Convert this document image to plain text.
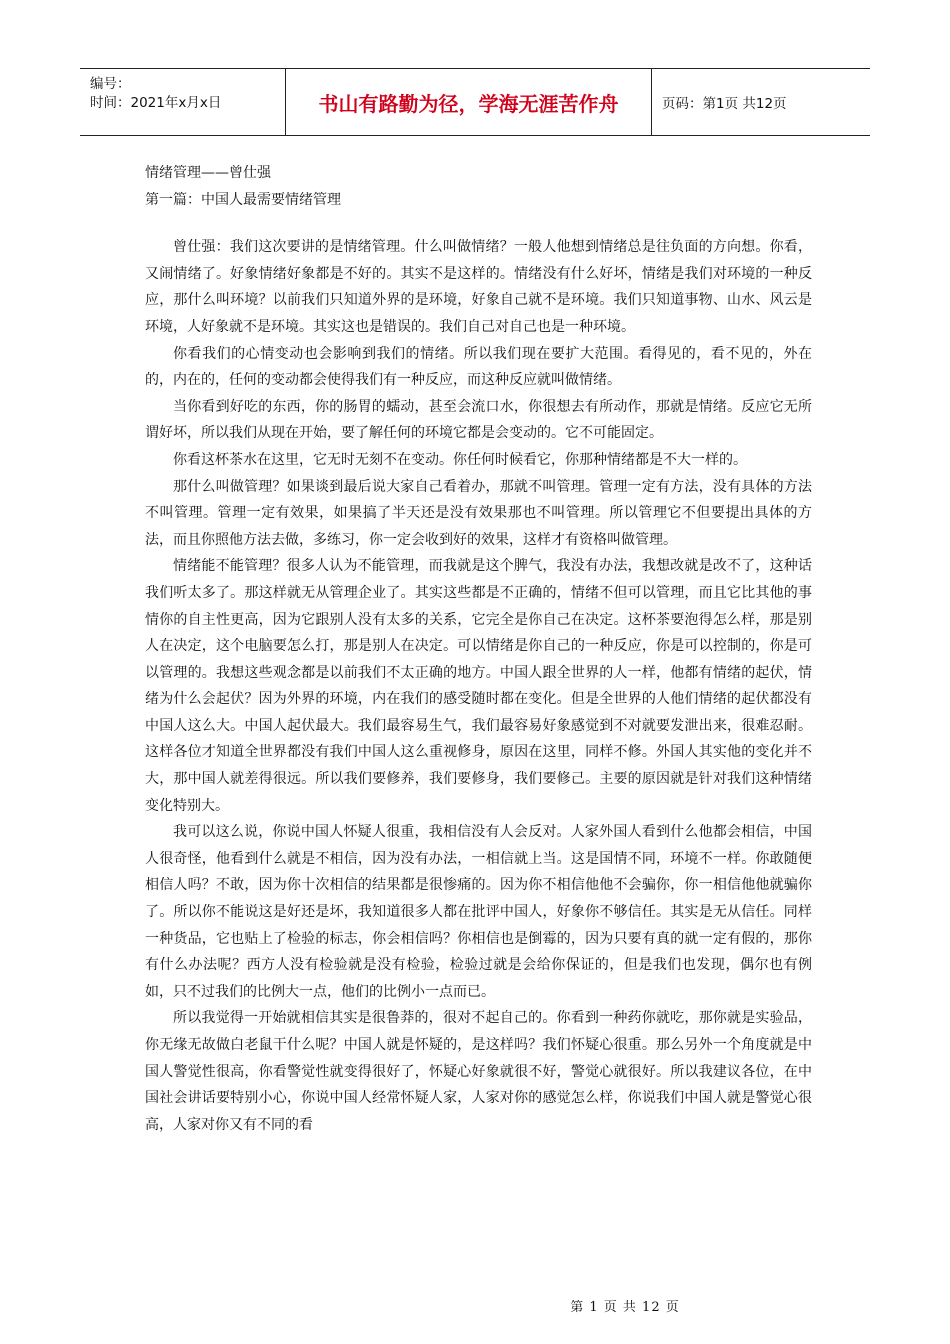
编号：
时间：2021年x月x日	书山有路勤为径，学海无涯苦作舟	页码：第1页 共12页
情绪管理——曾仕强
第一篇：中国人最需要情绪管理

曾仕强：我们这次要讲的是情绪管理。什么叫做情绪？一般人他想到情绪总是往负面的方向想。你看，又闹情绪了。好象情绪好象都是不好的。其实不是这样的。情绪没有什么好坏，情绪是我们对环境的一种反应，那什么叫环境？以前我们只知道外界的是环境，好象自己就不是环境。我们只知道事物、山水、风云是环境，人好象就不是环境。其实这也是错误的。我们自己对自己也是一种环境。

你看我们的心情变动也会影响到我们的情绪。所以我们现在要扩大范围。看得见的，看不见的，外在的，内在的，任何的变动都会使得我们有一种反应，而这种反应就叫做情绪。

当你看到好吃的东西，你的肠胃的蠕动，甚至会流口水，你很想去有所动作，那就是情绪。反应它无所谓好坏，所以我们从现在开始，要了解任何的环境它都是会变动的。它不可能固定。

你看这杯茶水在这里，它无时无刻不在变动。你任何时候看它，你那种情绪都是不大一样的。

那什么叫做管理？如果谈到最后说大家自己看着办，那就不叫管理。管理一定有方法，没有具体的方法不叫管理。管理一定有效果，如果搞了半天还是没有效果那也不叫管理。所以管理它不但要提出具体的方法，而且你照他方法去做，多练习，你一定会收到好的效果，这样才有资格叫做管理。

情绪能不能管理？很多人认为不能管理，而我就是这个脾气，我没有办法，我想改就是改不了，这种话我们听太多了。那这样就无从管理企业了。其实这些都是不正确的，情绪不但可以管理，而且它比其他的事情你的自主性更高，因为它跟别人没有太多的关系，它完全是你自己在决定。这杯茶要泡得怎么样，那是别人在决定，这个电脑要怎么打，那是别人在决定。可以情绪是你自己的一种反应，你是可以控制的，你是可以管理的。我想这些观念都是以前我们不太正确的地方。中国人跟全世界的人一样，他都有情绪的起伏，情绪为什么会起伏？因为外界的环境，内在我们的感受随时都在变化。但是全世界的人他们情绪的起伏都没有中国人这么大。中国人起伏最大。我们最容易生气，我们最容易好象感觉到不对就要发泄出来，很难忍耐。这样各位才知道全世界都没有我们中国人这么重视修身，原因在这里，同样不修。外国人其实他的变化并不大，那中国人就差得很远。所以我们要修养，我们要修身，我们要修己。主要的原因就是针对我们这种情绪变化特别大。

我可以这么说，你说中国人怀疑人很重，我相信没有人会反对。人家外国人看到什么他都会相信，中国人很奇怪，他看到什么就是不相信，因为没有办法，一相信就上当。这是国情不同，环境不一样。你敢随便相信人吗？不敢，因为你十次相信的结果都是很惨痛的。因为你不相信他他不会骗你，你一相信他他就骗你了。所以你不能说这是好还是坏，我知道很多人都在批评中国人，好象你不够信任。其实是无从信任。同样一种货品，它也贴上了检验的标志，你会相信吗？你相信也是倒霉的，因为只要有真的就一定有假的，那你有什么办法呢？西方人没有检验就是没有检验，检验过就是会给你保证的，但是我们也发现，偶尔也有例如，只不过我们的比例大一点，他们的比例小一点而已。

所以我觉得一开始就相信其实是很鲁莽的，很对不起自己的。你看到一种药你就吃，那你就是实验品，你无缘无故做白老鼠干什么呢？中国人就是怀疑的，是这样吗？我们怀疑心很重。那么另外一个角度就是中国人警觉性很高，你看警觉性就变得很好了，怀疑心好象就很不好，警觉心就很好。所以我建议各位，在中国社会讲话要特别小心，你说中国人经常怀疑人家，人家对你的感觉怎么样，你说我们中国人就是警觉心很高，人家对你又有不同的看

第 1 页 共 12 页
